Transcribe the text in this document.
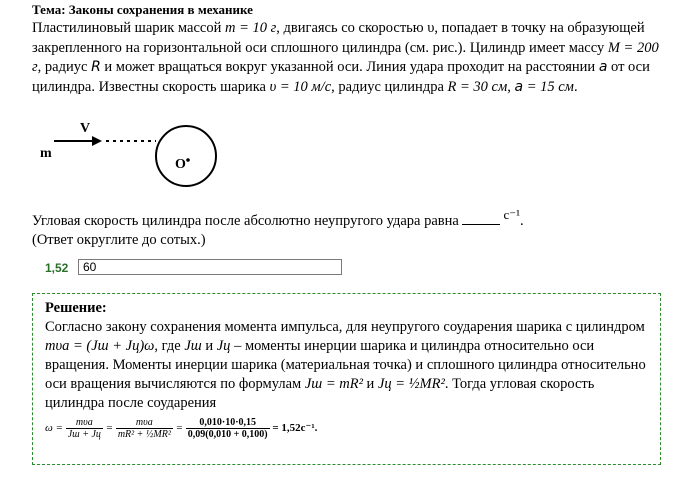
Тема: Законы сохранения в механике
Пластилиновый шарик массой m = 10 г, двигаясь со скоростью υ, попадает в точку на образующей закрепленного на горизонтальной оси сплошного цилиндра (см. рис.). Цилиндр имеет массу M = 200 г, радиус R и может вращаться вокруг указанной оси. Линия удара проходит на расстоянии a от оси цилиндра. Известны скорость шарика υ = 10 м/с, радиус цилиндра R = 30 см, a = 15 см.
m
V
O
Угловая скорость цилиндра после абсолютно неупругого удара равна	с⁻¹.
(Ответ округлите до сотых.)
1,52	60
Решение:
Согласно закону сохранения момента импульса, для неупругого соударения шарика с цилиндром
mυa = (Jш + Jц)ω, где Jш и Jц – моменты инерции шарика и цилиндра относительно оси вращения. Моменты инерции шарика (материальная точка) и сплошного цилиндра относительно оси вращения вычисляются по формулам Jш = mR² и Jц = ½MR². Тогда угловая скорость цилиндра после соударения
$\omega = \frac{\text{mυa}}{Jш + Jц} = \frac{\text{mυa}}{\text{mR² + ½MR²}} = \frac{0,010\cdot 10\cdot 0,15}{0,09(0,010 + 0,100)} = 1,52с^{-1}$.
